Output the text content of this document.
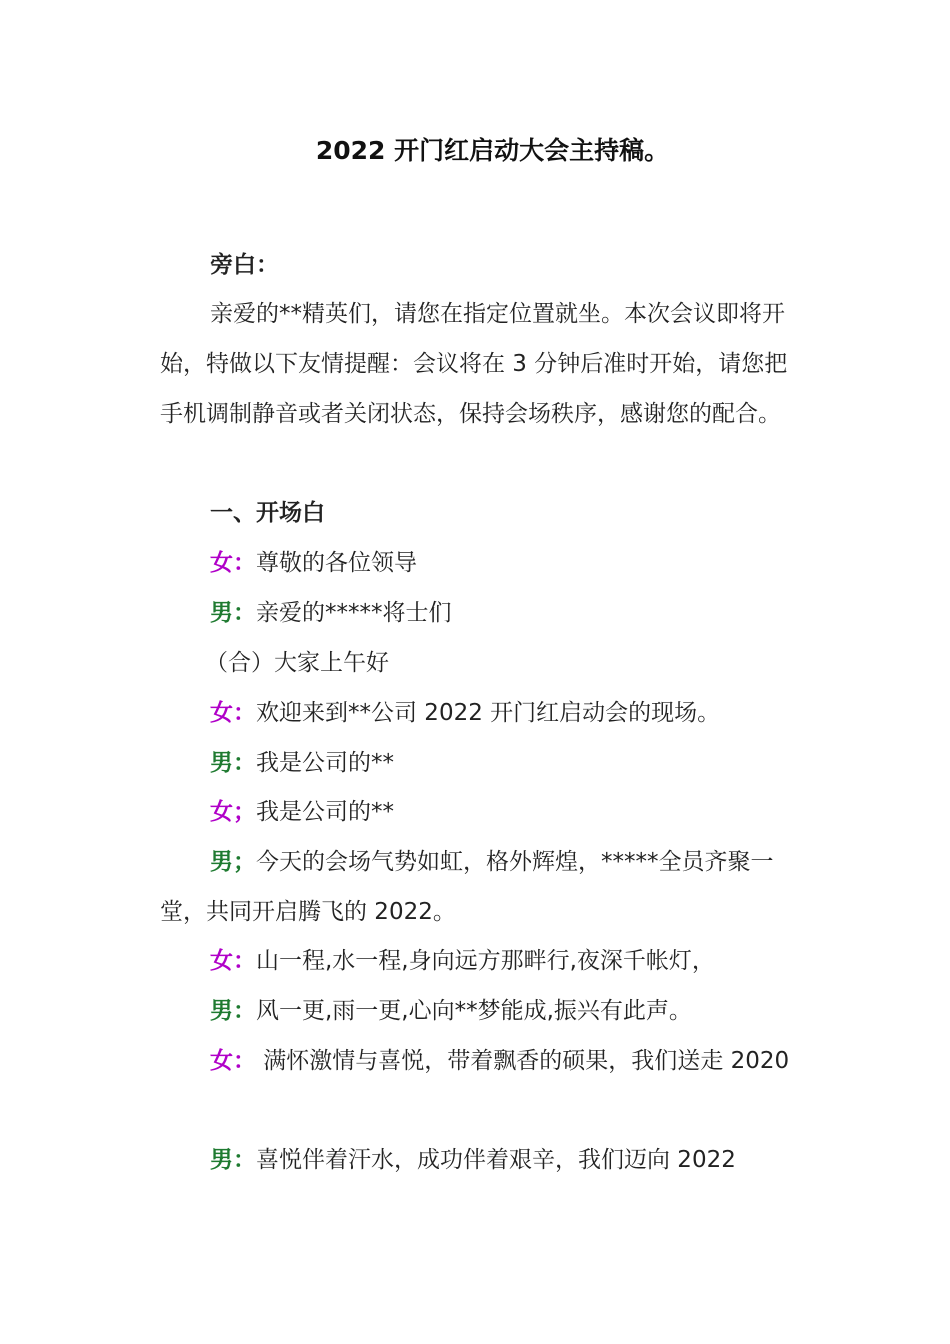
2022 开门红启动大会主持稿。
旁白：

亲爱的**精英们，请您在指定位置就坐。本次会议即将开始，特做以下友情提醒：会议将在 3 分钟后准时开始，请您把手机调制静音或者关闭状态，保持会场秩序，感谢您的配合。

一、开场白
女：尊敬的各位领导
男：亲爱的*****将士们
（合）大家上午好
女：欢迎来到**公司 2022 开门红启动会的现场。
男：我是公司的**
女；我是公司的**

男；今天的会场气势如虹，格外辉煌，*****全员齐聚一堂，共同开启腾飞的 2022。

女：山一程,水一程,身向远方那畔行,夜深千帐灯，
男：风一更,雨一更,心向**梦能成,振兴有此声。

女： 满怀激情与喜悦，带着飘香的硕果，我们送走 2020

男：喜悦伴着汗水，成功伴着艰辛，我们迈向 2022
